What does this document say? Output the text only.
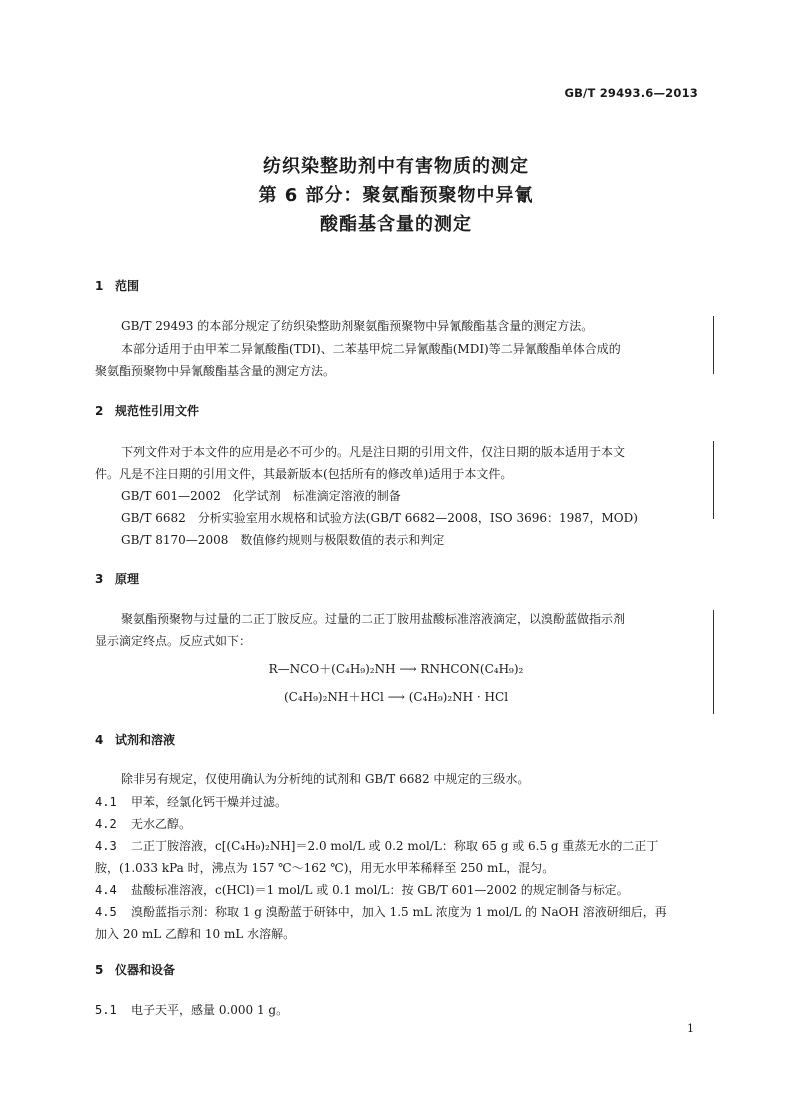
GB/T 29493.6—2013
纺织染整助剂中有害物质的测定
第 6 部分：聚氨酯预聚物中异氰
酸酯基含量的测定
1 范围
GB/T 29493 的本部分规定了纺织染整助剂聚氨酯预聚物中异氰酸酯基含量的测定方法。
本部分适用于由甲苯二异氰酸酯(TDI)、二苯基甲烷二异氰酸酯(MDI)等二异氰酸酯单体合成的
聚氨酯预聚物中异氰酸酯基含量的测定方法。
2 规范性引用文件
下列文件对于本文件的应用是必不可少的。凡是注日期的引用文件，仅注日期的版本适用于本文
件。凡是不注日期的引用文件，其最新版本(包括所有的修改单)适用于本文件。
GB/T 601—2002　化学试剂　标准滴定溶液的制备
GB/T 6682　分析实验室用水规格和试验方法(GB/T 6682—2008，ISO 3696：1987，MOD)
GB/T 8170—2008　数值修约规则与极限数值的表示和判定
3 原理
聚氨酯预聚物与过量的二正丁胺反应。过量的二正丁胺用盐酸标准溶液滴定，以溴酚蓝做指示剂
显示滴定终点。反应式如下：
R—NCO＋(C₄H₉)₂NH ⟶ RNHCON(C₄H₉)₂
(C₄H₉)₂NH＋HCl ⟶ (C₄H₉)₂NH · HCl
4 试剂和溶液
除非另有规定，仅使用确认为分析纯的试剂和 GB/T 6682 中规定的三级水。
4.1 甲苯，经氯化钙干燥并过滤。
4.2 无水乙醇。
4.3 二正丁胺溶液，c[(C₄H₉)₂NH]＝2.0 mol/L 或 0.2 mol/L：称取 65 g 或 6.5 g 重蒸无水的二正丁
胺，(1.033 kPa 时，沸点为 157 ℃～162 ℃)，用无水甲苯稀释至 250 mL，混匀。
4.4 盐酸标准溶液，c(HCl)＝1 mol/L 或 0.1 mol/L：按 GB/T 601—2002 的规定制备与标定。
4.5 溴酚蓝指示剂：称取 1 g 溴酚蓝于研钵中，加入 1.5 mL 浓度为 1 mol/L 的 NaOH 溶液研细后，再
加入 20 mL 乙醇和 10 mL 水溶解。
5 仪器和设备
5.1 电子天平，感量 0.000 1 g。
1
